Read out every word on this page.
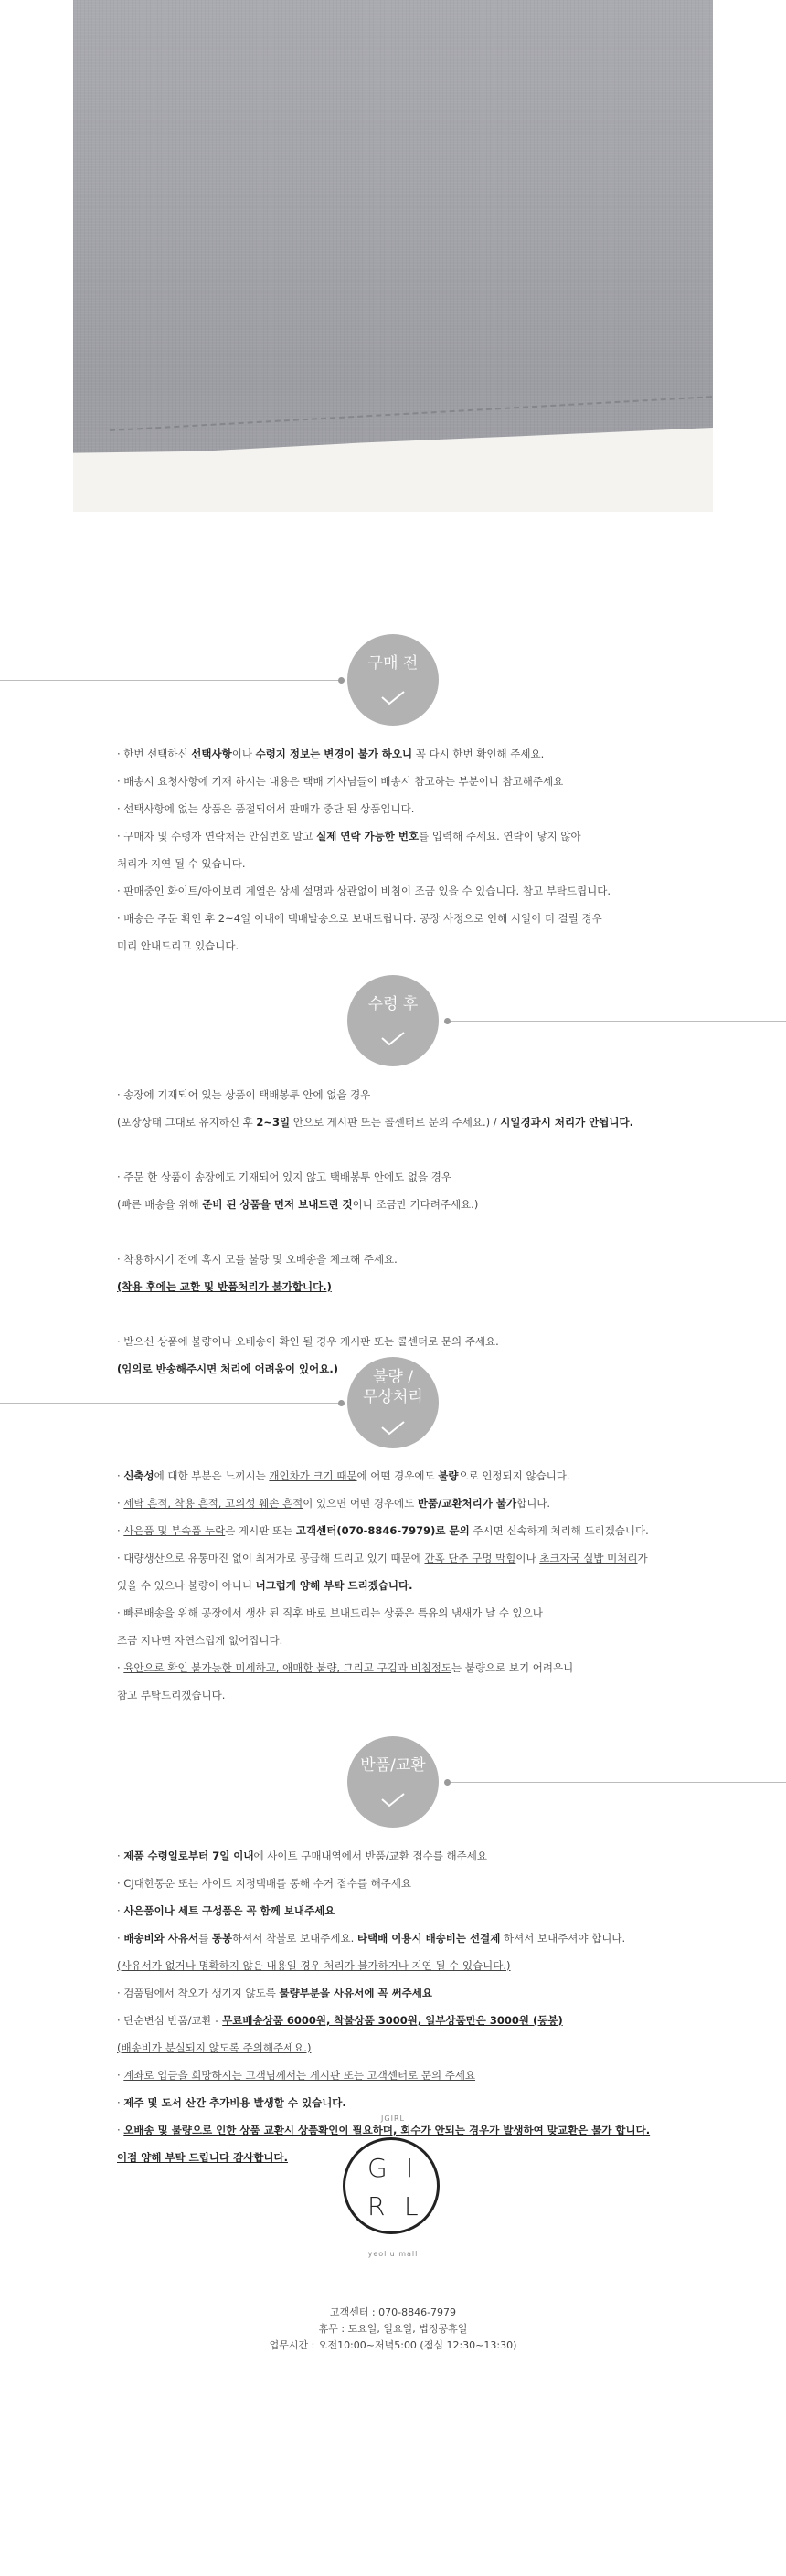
구매 전

· 한번 선택하신 선택사항이나 수령지 정보는 변경이 불가 하오니 꼭 다시 한번 확인해 주세요.

· 배송시 요청사항에 기재 하시는 내용은 택배 기사님들이 배송시 참고하는 부분이니 참고해주세요

· 선택사항에 없는 상품은 품절되어서 판매가 중단 된 상품입니다.

· 구매자 및 수령자 연락처는 안심번호 말고 실제 연락 가능한 번호를 입력해 주세요. 연락이 닿지 않아

처리가 지연 될 수 있습니다.

· 판매중인 화이트/아이보리 계열은 상세 설명과 상관없이 비침이 조금 있을 수 있습니다. 참고 부탁드립니다.

· 배송은 주문 확인 후 2~4일 이내에 택배발송으로 보내드립니다. 공장 사정으로 인해 시일이 더 걸릴 경우

미리 안내드리고 있습니다.

수령 후

· 송장에 기재되어 있는 상품이 택배봉투 안에 없을 경우

(포장상태 그대로 유지하신 후 2~3일 안으로 게시판 또는 콜센터로 문의 주세요.) / 시일경과시 처리가 안됩니다.

· 주문 한 상품이 송장에도 기재되어 있지 않고 택배봉투 안에도 없을 경우

(빠른 배송을 위해 준비 된 상품을 먼저 보내드린 것이니 조금만 기다려주세요.)

· 착용하시기 전에 혹시 모를 불량 및 오배송을 체크해 주세요.

(착용 후에는 교환 및 반품처리가 불가합니다.)

· 받으신 상품에 불량이나 오배송이 확인 될 경우 게시판 또는 콜센터로 문의 주세요.

(임의로 반송해주시면 처리에 어려움이 있어요.)	불량 /
무상처리

· 신축성에 대한 부분은 느끼시는 개인차가 크기 때문에 어떤 경우에도 불량으로 인정되지 않습니다.

· 세탁 흔적, 착용 흔적, 고의성 훼손 흔적이 있으면 어떤 경우에도 반품/교환처리가 불가합니다.

· 사은품 및 부속품 누락은 게시판 또는 고객센터(070-8846-7979)로 문의 주시면 신속하게 처리해 드리겠습니다.

· 대량생산으로 유통마진 없이 최저가로 공급해 드리고 있기 때문에 간혹 단추 구멍 막힘이나 초크자국 실밥 미처리가

있을 수 있으나 불량이 아니니 너그럽게 양해 부탁 드리겠습니다.

· 빠른배송을 위해 공장에서 생산 된 직후 바로 보내드리는 상품은 특유의 냄새가 날 수 있으나

조금 지나면 자연스럽게 없어집니다.

· 육안으로 확인 불가능한 미세하고, 애매한 불량, 그리고 구김과 비침정도는 불량으로 보기 어려우니

참고 부탁드리겠습니다.

반품/교환

· 제품 수령일로부터 7일 이내에 사이트 구매내역에서 반품/교환 접수를 해주세요

· CJ대한통운 또는 사이트 지정택배를 통해 수거 접수를 해주세요

· 사은품이나 세트 구성품은 꼭 함께 보내주세요

· 배송비와 사유서를 동봉하셔서 착불로 보내주세요. 타택배 이용시 배송비는 선결제 하셔서 보내주셔야 합니다.

(사유서가 없거나 명확하지 않은 내용일 경우 처리가 불가하거나 지연 될 수 있습니다.)

· 검품팀에서 착오가 생기지 않도록 불량부분을 사유서에 꼭 써주세요

· 단순변심 반품/교환 - 무료배송상품 6000원, 착불상품 3000원, 일부상품만은 3000원 (동봉)

(배송비가 분실되지 않도록 주의해주세요.)

· 계좌로 입금을 희망하시는 고객님께서는 게시판 또는 고객센터로 문의 주세요

· 제주 및 도서 산간 추가비용 발생할 수 있습니다.

· 오배송 및 불량으로 인한 상품 교환시 상품확인이 필요하며, 회수가 안되는 경우가 발생하여 맞교환은 불가 합니다.

이점 양해 부탁 드립니다 감사합니다.

JGIRL
G I
R L
yeoliu mall
고객센터 : 070-8846-7979
휴무 : 토요일, 일요일, 법정공휴일
업무시간 : 오전10:00~저녁5:00 (점심 12:30~13:30)
